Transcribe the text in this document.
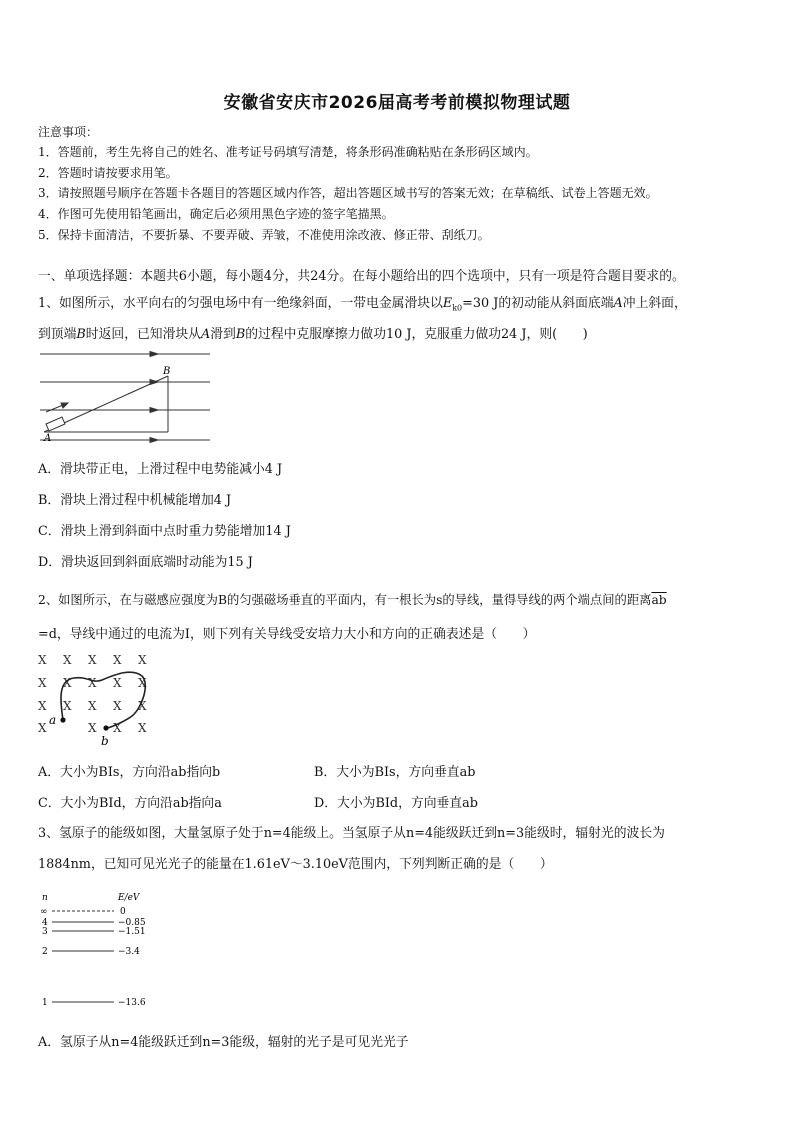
安徽省安庆市2026届高考考前模拟物理试题
注意事项：
1．答题前，考生先将自己的姓名、准考证号码填写清楚，将条形码准确粘贴在条形码区域内。
2．答题时请按要求用笔。
3．请按照题号顺序在答题卡各题目的答题区域内作答，超出答题区域书写的答案无效；在草稿纸、试卷上答题无效。
4．作图可先使用铅笔画出，确定后必须用黑色字迹的签字笔描黑。
5．保持卡面清洁，不要折暴、不要弄破、弄皱，不准使用涂改液、修正带、刮纸刀。
一、单项选择题：本题共6小题，每小题4分，共24分。在每小题给出的四个选项中，只有一项是符合题目要求的。
1、如图所示，水平向右的匀强电场中有一绝缘斜面，一带电金属滑块以$E_{k0}=30$ J的初动能从斜面底端A冲上斜面，
到顶端B时返回，已知滑块从A滑到B的过程中克服摩擦力做功10 J，克服重力做功24 J，则(　　)
A
B
A．滑块带正电，上滑过程中电势能减小4 J
B．滑块上滑过程中机械能增加4 J
C．滑块上滑到斜面中点时重力势能增加14 J
D．滑块返回到斜面底端时动能为15 J
2、如图所示，在与磁感应强度为B的匀强磁场垂直的平面内，有一根长为s的导线，量得导线的两个端点间的距离$\overline{ab}$
=d，导线中通过的电流为I，则下列有关导线受安培力大小和方向的正确表述是（　　）
X X X X X
X X X X X
X X X X X
X	X X X
a
b
A．大小为BIs，方向沿ab指向b	B．大小为BIs，方向垂直ab
C．大小为BId，方向沿ab指向a	D．大小为BId，方向垂直ab
3、氢原子的能级如图，大量氢原子处于n=4能级上。当氢原子从n=4能级跃迁到n=3能级时，辐射光的波长为
1884nm，已知可见光光子的能量在1.61eV～3.10eV范围内，下列判断正确的是（　　）
n	E/eV
∞	0
4	−0.85
3	−1.51
2	−3.4
1	−13.6
A．氢原子从n=4能级跃迁到n=3能级，辐射的光子是可见光光子
